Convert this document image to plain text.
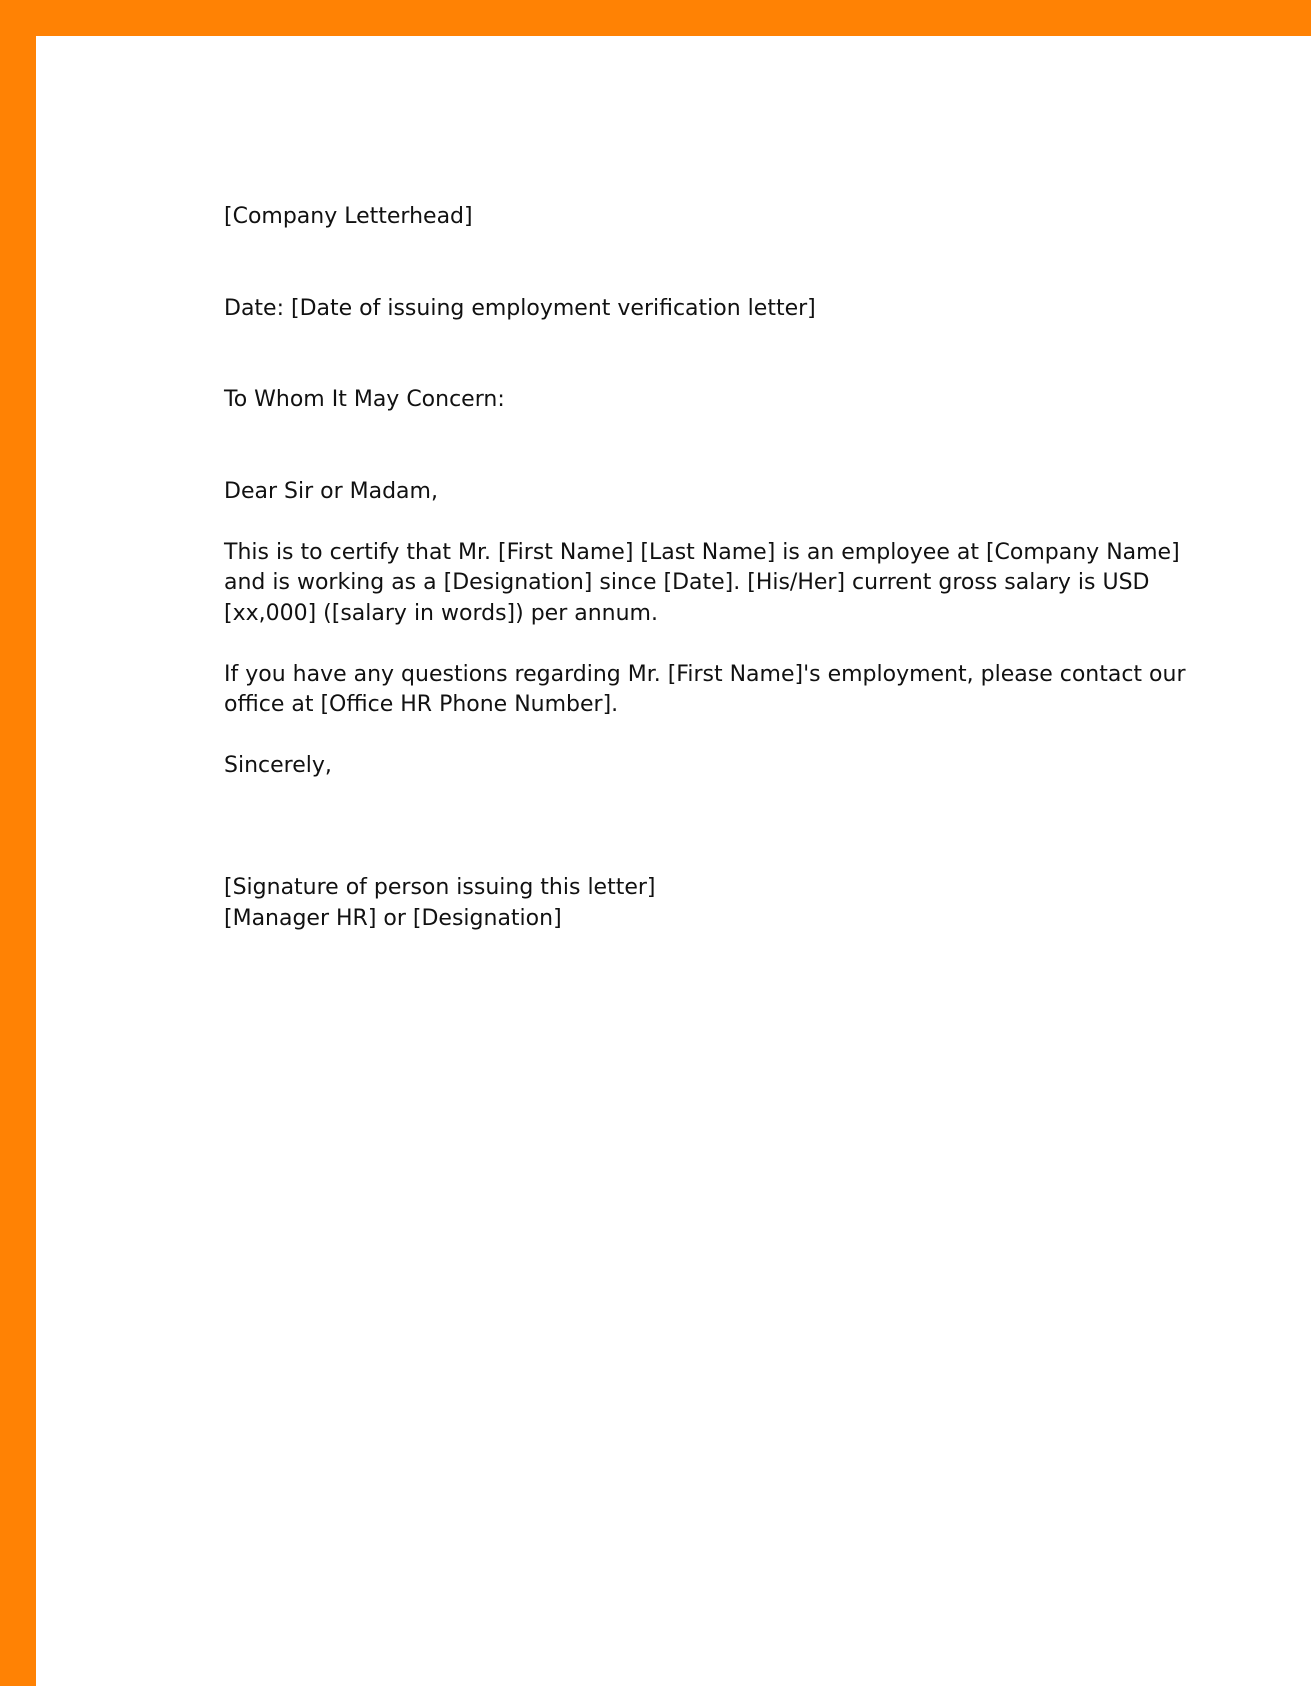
[Company Letterhead]

Date: [Date of issuing employment verification letter]

To Whom It May Concern:

Dear Sir or Madam,

This is to certify that Mr. [First Name] [Last Name] is an employee at [Company Name]
and is working as a [Designation] since [Date]. [His/Her] current gross salary is USD
[xx,000] ([salary in words]) per annum.

If you have any questions regarding Mr. [First Name]'s employment, please contact our
office at [Office HR Phone Number].

Sincerely,

[Signature of person issuing this letter]
[Manager HR] or [Designation]
